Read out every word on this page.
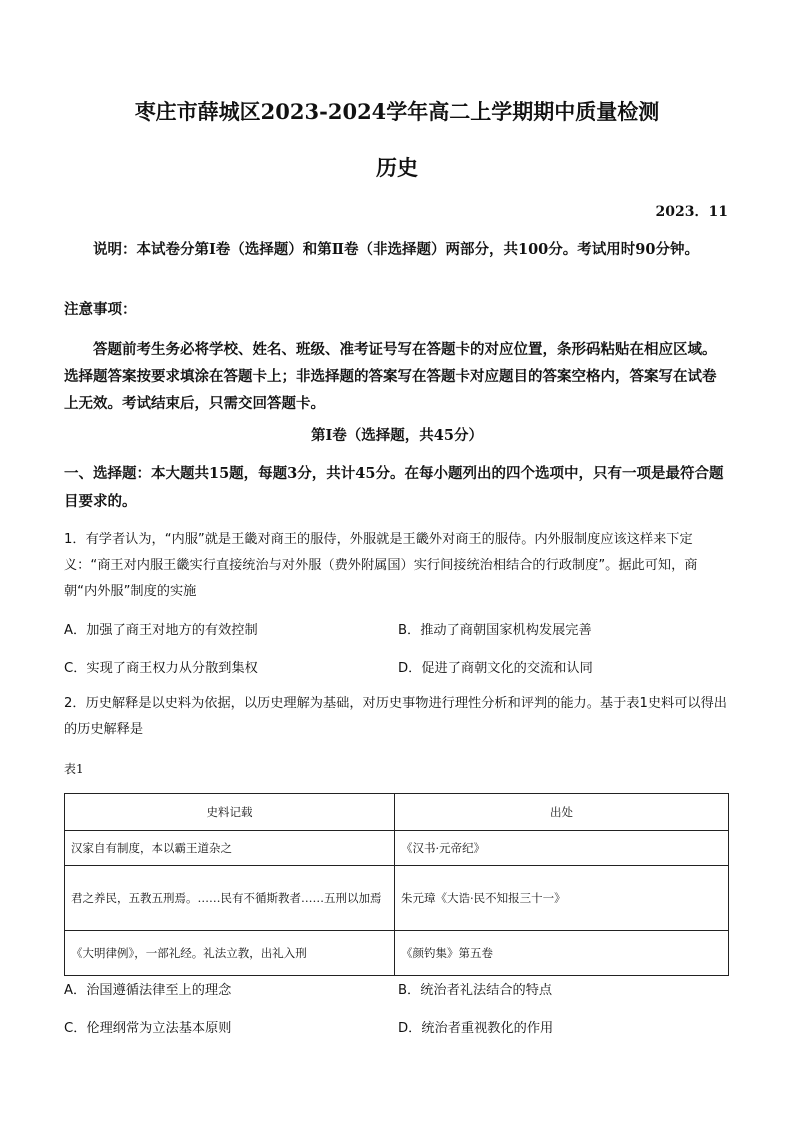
枣庄市薛城区2023-2024学年高二上学期期中质量检测
历史
2023．11
说明：本试卷分第Ⅰ卷（选择题）和第Ⅱ卷（非选择题）两部分，共100分。考试用时90分钟。
注意事项：
答题前考生务必将学校、姓名、班级、准考证号写在答题卡的对应位置，条形码粘贴在相应区域。选择题答案按要求填涂在答题卡上；非选择题的答案写在答题卡对应题目的答案空格内，答案写在试卷上无效。考试结束后，只需交回答题卡。
第Ⅰ卷（选择题，共45分）
一、选择题：本大题共15题，每题3分，共计45分。在每小题列出的四个选项中，只有一项是最符合题目要求的。
1．有学者认为，“内服”就是王畿对商王的服侍，外服就是王畿外对商王的服侍。内外服制度应该这样来下定义：“商王对内服王畿实行直接统治与对外服（费外附属国）实行间接统治相结合的行政制度”。据此可知，商朝“内外服”制度的实施
A．加强了商王对地方的有效控制	B．推动了商朝国家机构发展完善
C．实现了商王权力从分散到集权	D．促进了商朝文化的交流和认同
2．历史解释是以史料为依据，以历史理解为基础，对历史事物进行理性分析和评判的能力。基于表1史料可以得出的历史解释是
表1
史料记载	出处
汉家自有制度，本以霸王道杂之	《汉书·元帝纪》
君之养民，五教五刑焉。……民有不循斯教者……五刑以加焉	朱元璋《大诰·民不知报三十一》
《大明律例》，一部礼经。礼法立教，出礼入刑	《颜钓集》第五卷
A．治国遵循法律至上的理念	B．统治者礼法结合的特点
C．伦理纲常为立法基本原则	D．统治者重视教化的作用
